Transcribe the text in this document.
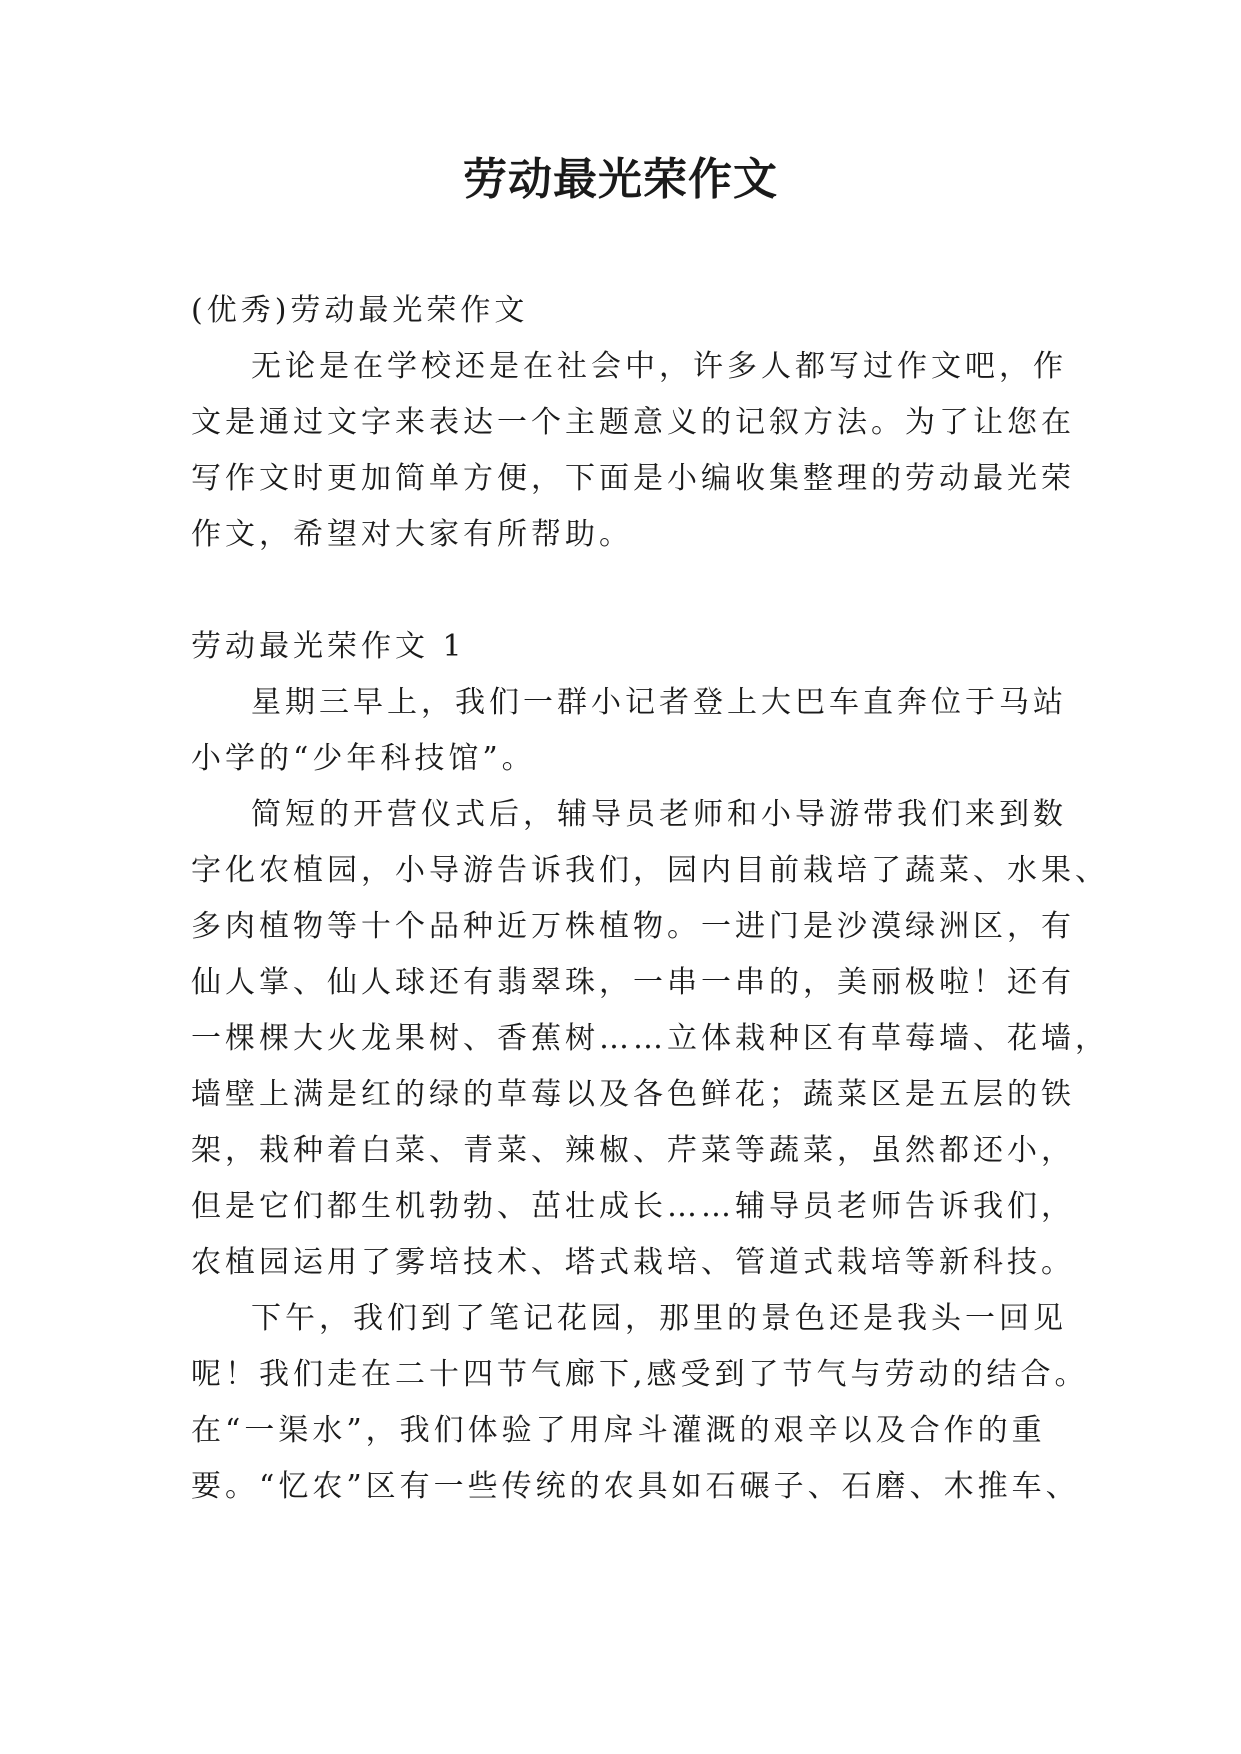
劳动最光荣作文

(优秀)劳动最光荣作文

无论是在学校还是在社会中，许多人都写过作文吧，作

文是通过文字来表达一个主题意义的记叙方法。为了让您在

写作文时更加简单方便，下面是小编收集整理的劳动最光荣

作文，希望对大家有所帮助。

劳动最光荣作文 1

星期三早上，我们一群小记者登上大巴车直奔位于马站

小学的“少年科技馆”。

简短的开营仪式后，辅导员老师和小导游带我们来到数

字化农植园，小导游告诉我们，园内目前栽培了蔬菜、水果、

多肉植物等十个品种近万株植物。一进门是沙漠绿洲区，有

仙人掌、仙人球还有翡翠珠，一串一串的，美丽极啦！还有

一棵棵大火龙果树、香蕉树……立体栽种区有草莓墙、花墙，

墙壁上满是红的绿的草莓以及各色鲜花；蔬菜区是五层的铁

架，栽种着白菜、青菜、辣椒、芹菜等蔬菜，虽然都还小，

但是它们都生机勃勃、茁壮成长……辅导员老师告诉我们，

农植园运用了雾培技术、塔式栽培、管道式栽培等新科技。

下午，我们到了笔记花园，那里的景色还是我头一回见

呢！我们走在二十四节气廊下,感受到了节气与劳动的结合。

在“一渠水”，我们体验了用戽斗灌溉的艰辛以及合作的重

要。“忆农”区有一些传统的农具如石碾子、石磨、木推车、
